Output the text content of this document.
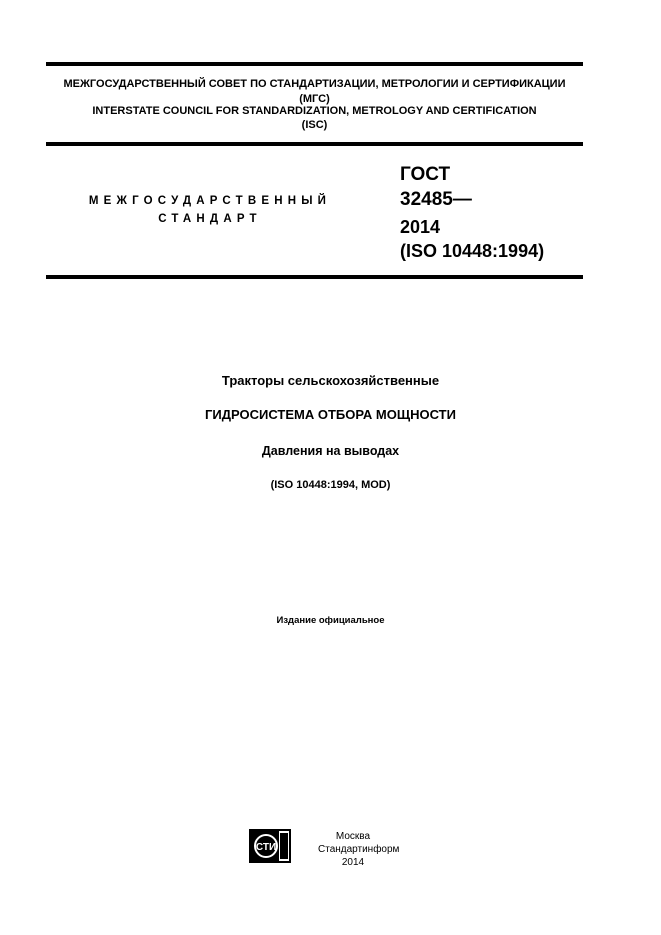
МЕЖГОСУДАРСТВЕННЫЙ СОВЕТ ПО СТАНДАРТИЗАЦИИ, МЕТРОЛОГИИ И СЕРТИФИКАЦИИ
(МГС)
INTERSTATE COUNCIL FOR STANDARDIZATION, METROLOGY AND CERTIFICATION
(ISC)
МЕЖГОСУДАРСТВЕННЫЙ
СТАНДАРТ
ГОСТ
32485—
2014
(ISO 10448:1994)
Тракторы сельскохозяйственные
ГИДРОСИСТЕМА ОТБОРА МОЩНОСТИ
Давления на выводах
(ISO 10448:1994, MOD)
Издание официальное
СТИ
Москва
Стандартинформ
2014
